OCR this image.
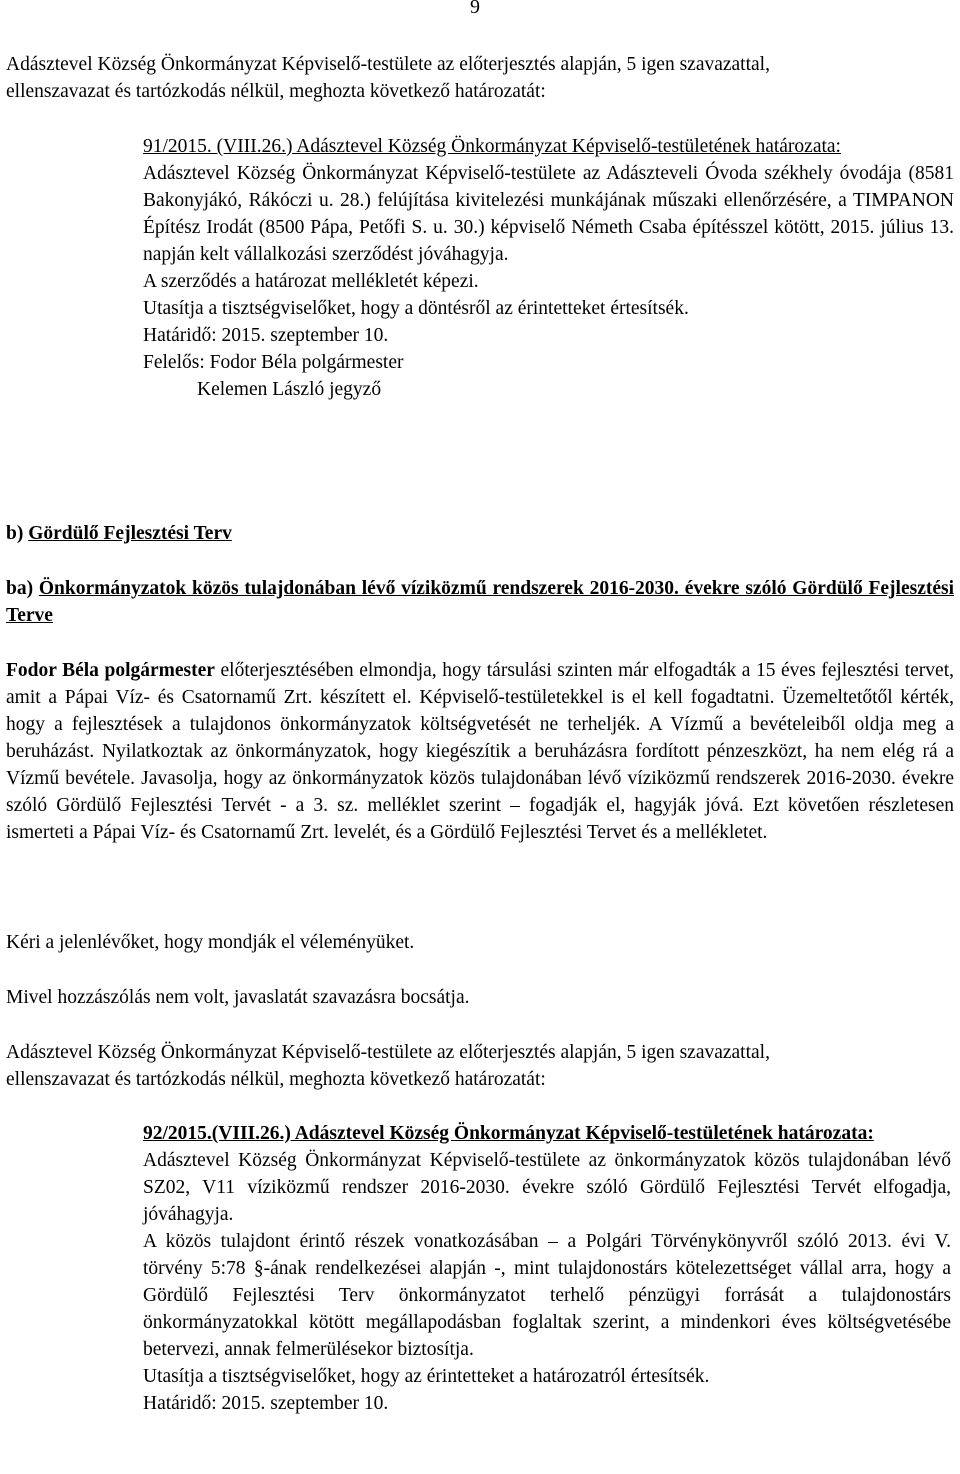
9
Adásztevel Község Önkormányzat Képviselő-testülete az előterjesztés alapján, 5 igen szavazattal,
ellenszavazat és tartózkodás nélkül, meghozta következő határozatát:

91/2015. (VIII.26.) Adásztevel Község Önkormányzat Képviselő-testületének határozata:

Adásztevel Község Önkormányzat Képviselő-testülete az Adászteveli Óvoda székhely óvodája (8581 Bakonyjákó, Rákóczi u. 28.) felújítása kivitelezési munkájának műszaki ellenőrzésére, a TIMPANON Építész Irodát (8500 Pápa, Petőfi S. u. 30.) képviselő Németh Csaba építésszel kötött, 2015. július 13. napján kelt vállalkozási szerződést jóváhagyja.

A szerződés a határozat mellékletét képezi.

Utasítja a tisztségviselőket, hogy a döntésről az érintetteket értesítsék.

Határidő: 2015. szeptember 10.
Felelős: Fodor Béla polgármester
Kelemen László jegyző
b) Gördülő Fejlesztési Terv

ba) Önkormányzatok közös tulajdonában lévő víziközmű rendszerek 2016-2030. évekre szóló Gördülő Fejlesztési Terve

Fodor Béla polgármester előterjesztésében elmondja, hogy társulási szinten már elfogadták a 15 éves fejlesztési tervet, amit a Pápai Víz- és Csatornamű Zrt. készített el. Képviselő-testületekkel is el kell fogadtatni. Üzemeltetőtől kérték, hogy a fejlesztések a tulajdonos önkormányzatok költségvetését ne terheljék. A Vízmű a bevételeiből oldja meg a beruházást. Nyilatkoztak az önkormányzatok, hogy kiegészítik a beruházásra fordított pénzeszközt, ha nem elég rá a Vízmű bevétele. Javasolja, hogy az önkormányzatok közös tulajdonában lévő víziközmű rendszerek 2016-2030. évekre szóló Gördülő Fejlesztési Tervét - a 3. sz. melléklet szerint – fogadják el, hagyják jóvá. Ezt követően részletesen ismerteti a Pápai Víz- és Csatornamű Zrt. levelét, és a Gördülő Fejlesztési Tervet és a mellékletet.

Kéri a jelenlévőket, hogy mondják el véleményüket.
Mivel hozzászólás nem volt, javaslatát szavazásra bocsátja.
Adásztevel Község Önkormányzat Képviselő-testülete az előterjesztés alapján, 5 igen szavazattal,
ellenszavazat és tartózkodás nélkül, meghozta következő határozatát:

92/2015.(VIII.26.) Adásztevel Község Önkormányzat Képviselő-testületének határozata:

Adásztevel Község Önkormányzat Képviselő-testülete az önkormányzatok közös tulajdonában lévő SZ02, V11 víziközmű rendszer 2016-2030. évekre szóló Gördülő Fejlesztési Tervét elfogadja, jóváhagyja.

A közös tulajdont érintő részek vonatkozásában – a Polgári Törvénykönyvről szóló 2013. évi V. törvény 5:78 §-ának rendelkezései alapján -, mint tulajdonostárs kötelezettséget vállal arra, hogy a Gördülő Fejlesztési Terv önkormányzatot terhelő pénzügyi forrását a tulajdonostárs önkormányzatokkal kötött megállapodásban foglaltak szerint, a mindenkori éves költségvetésébe betervezi, annak felmerülésekor biztosítja.

Utasítja a tisztségviselőket, hogy az érintetteket a határozatról értesítsék.

Határidő: 2015. szeptember 10.
